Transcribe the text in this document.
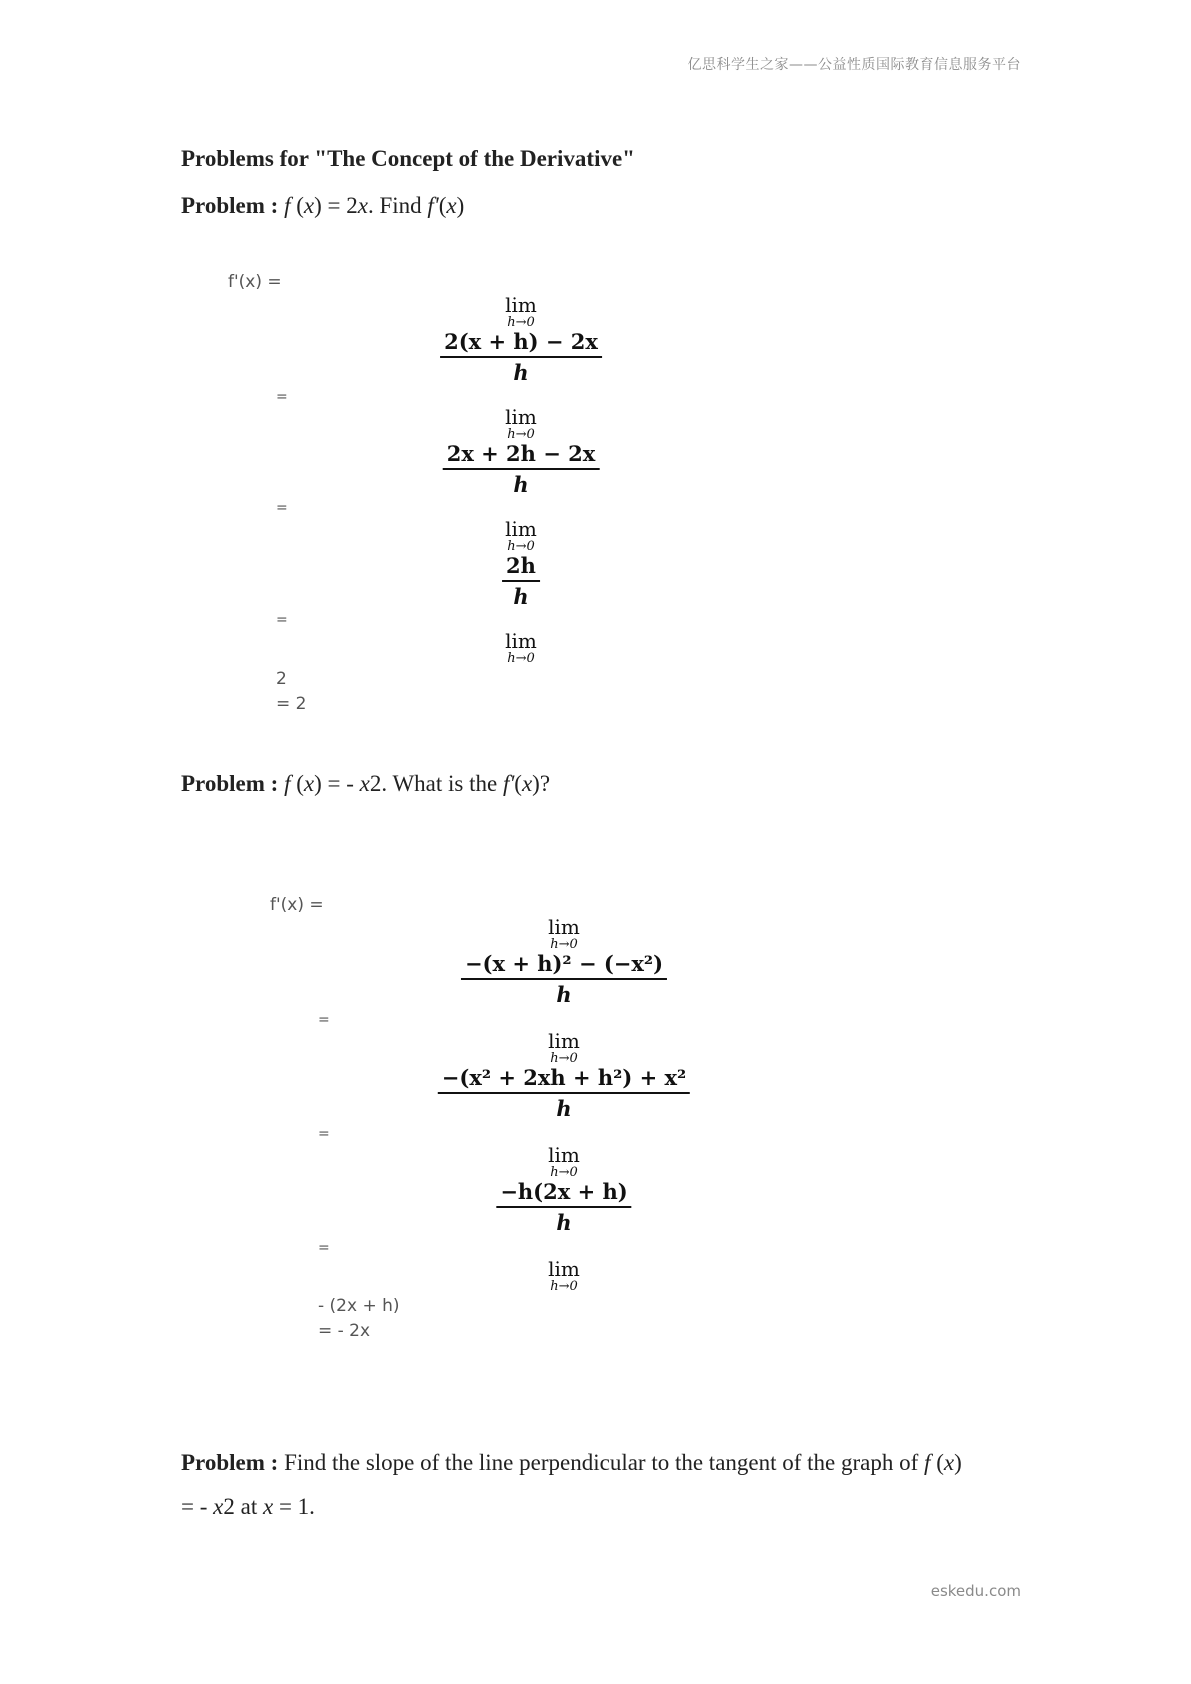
亿思科学生之家——公益性质国际教育信息服务平台
Problems for "The Concept of the Derivative"
Problem : f (x) = 2x. Find f'(x)
f'(x) =
lim
h→0
2(x + h) − 2x
h
=
lim
h→0
2x + 2h − 2x
h
=
lim
h→0
2h
h
=
lim
h→0
2
= 2
Problem : f (x) = - x2. What is the f'(x)?
f'(x) =
lim
h→0
−(x + h)² − (−x²)
h
=
lim
h→0
−(x² + 2xh + h²) + x²
h
=
lim
h→0
−h(2x + h)
h
=
lim
h→0
- (2x + h)
= - 2x
Problem : Find the slope of the line perpendicular to the tangent of the graph of f (x)
= - x2 at x = 1.
eskedu.com
